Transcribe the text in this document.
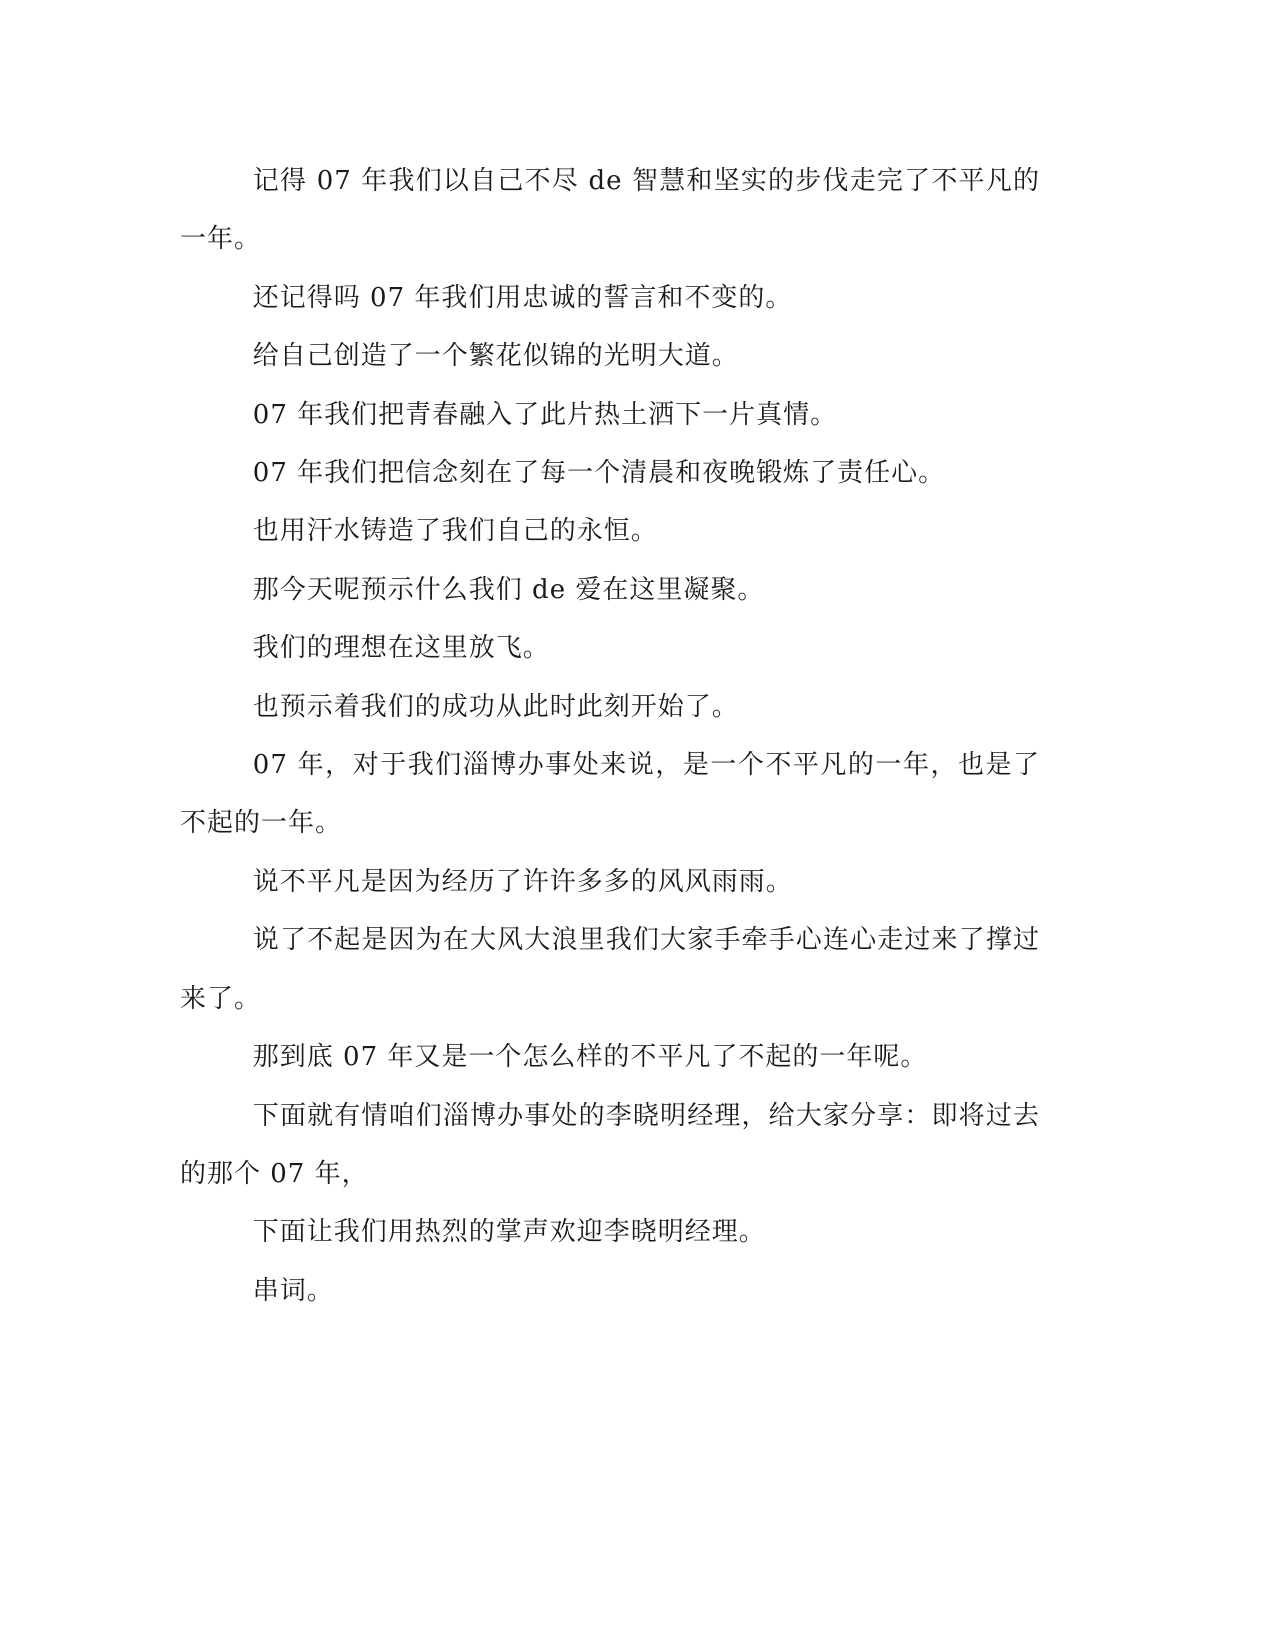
记得 07 年我们以自己不尽 de 智慧和坚实的步伐走完了不平凡的一年。

还记得吗 07 年我们用忠诚的誓言和不变的。

给自己创造了一个繁花似锦的光明大道。

07 年我们把青春融入了此片热土洒下一片真情。

07 年我们把信念刻在了每一个清晨和夜晚锻炼了责任心。

也用汗水铸造了我们自己的永恒。

那今天呢预示什么我们 de 爱在这里凝聚。

我们的理想在这里放飞。

也预示着我们的成功从此时此刻开始了。

07 年，对于我们淄博办事处来说，是一个不平凡的一年，也是了不起的一年。

说不平凡是因为经历了许许多多的风风雨雨。

说了不起是因为在大风大浪里我们大家手牵手心连心走过来了撑过来了。

那到底 07 年又是一个怎么样的不平凡了不起的一年呢。

下面就有情咱们淄博办事处的李晓明经理，给大家分享：即将过去的那个 07 年，

下面让我们用热烈的掌声欢迎李晓明经理。

串词。
